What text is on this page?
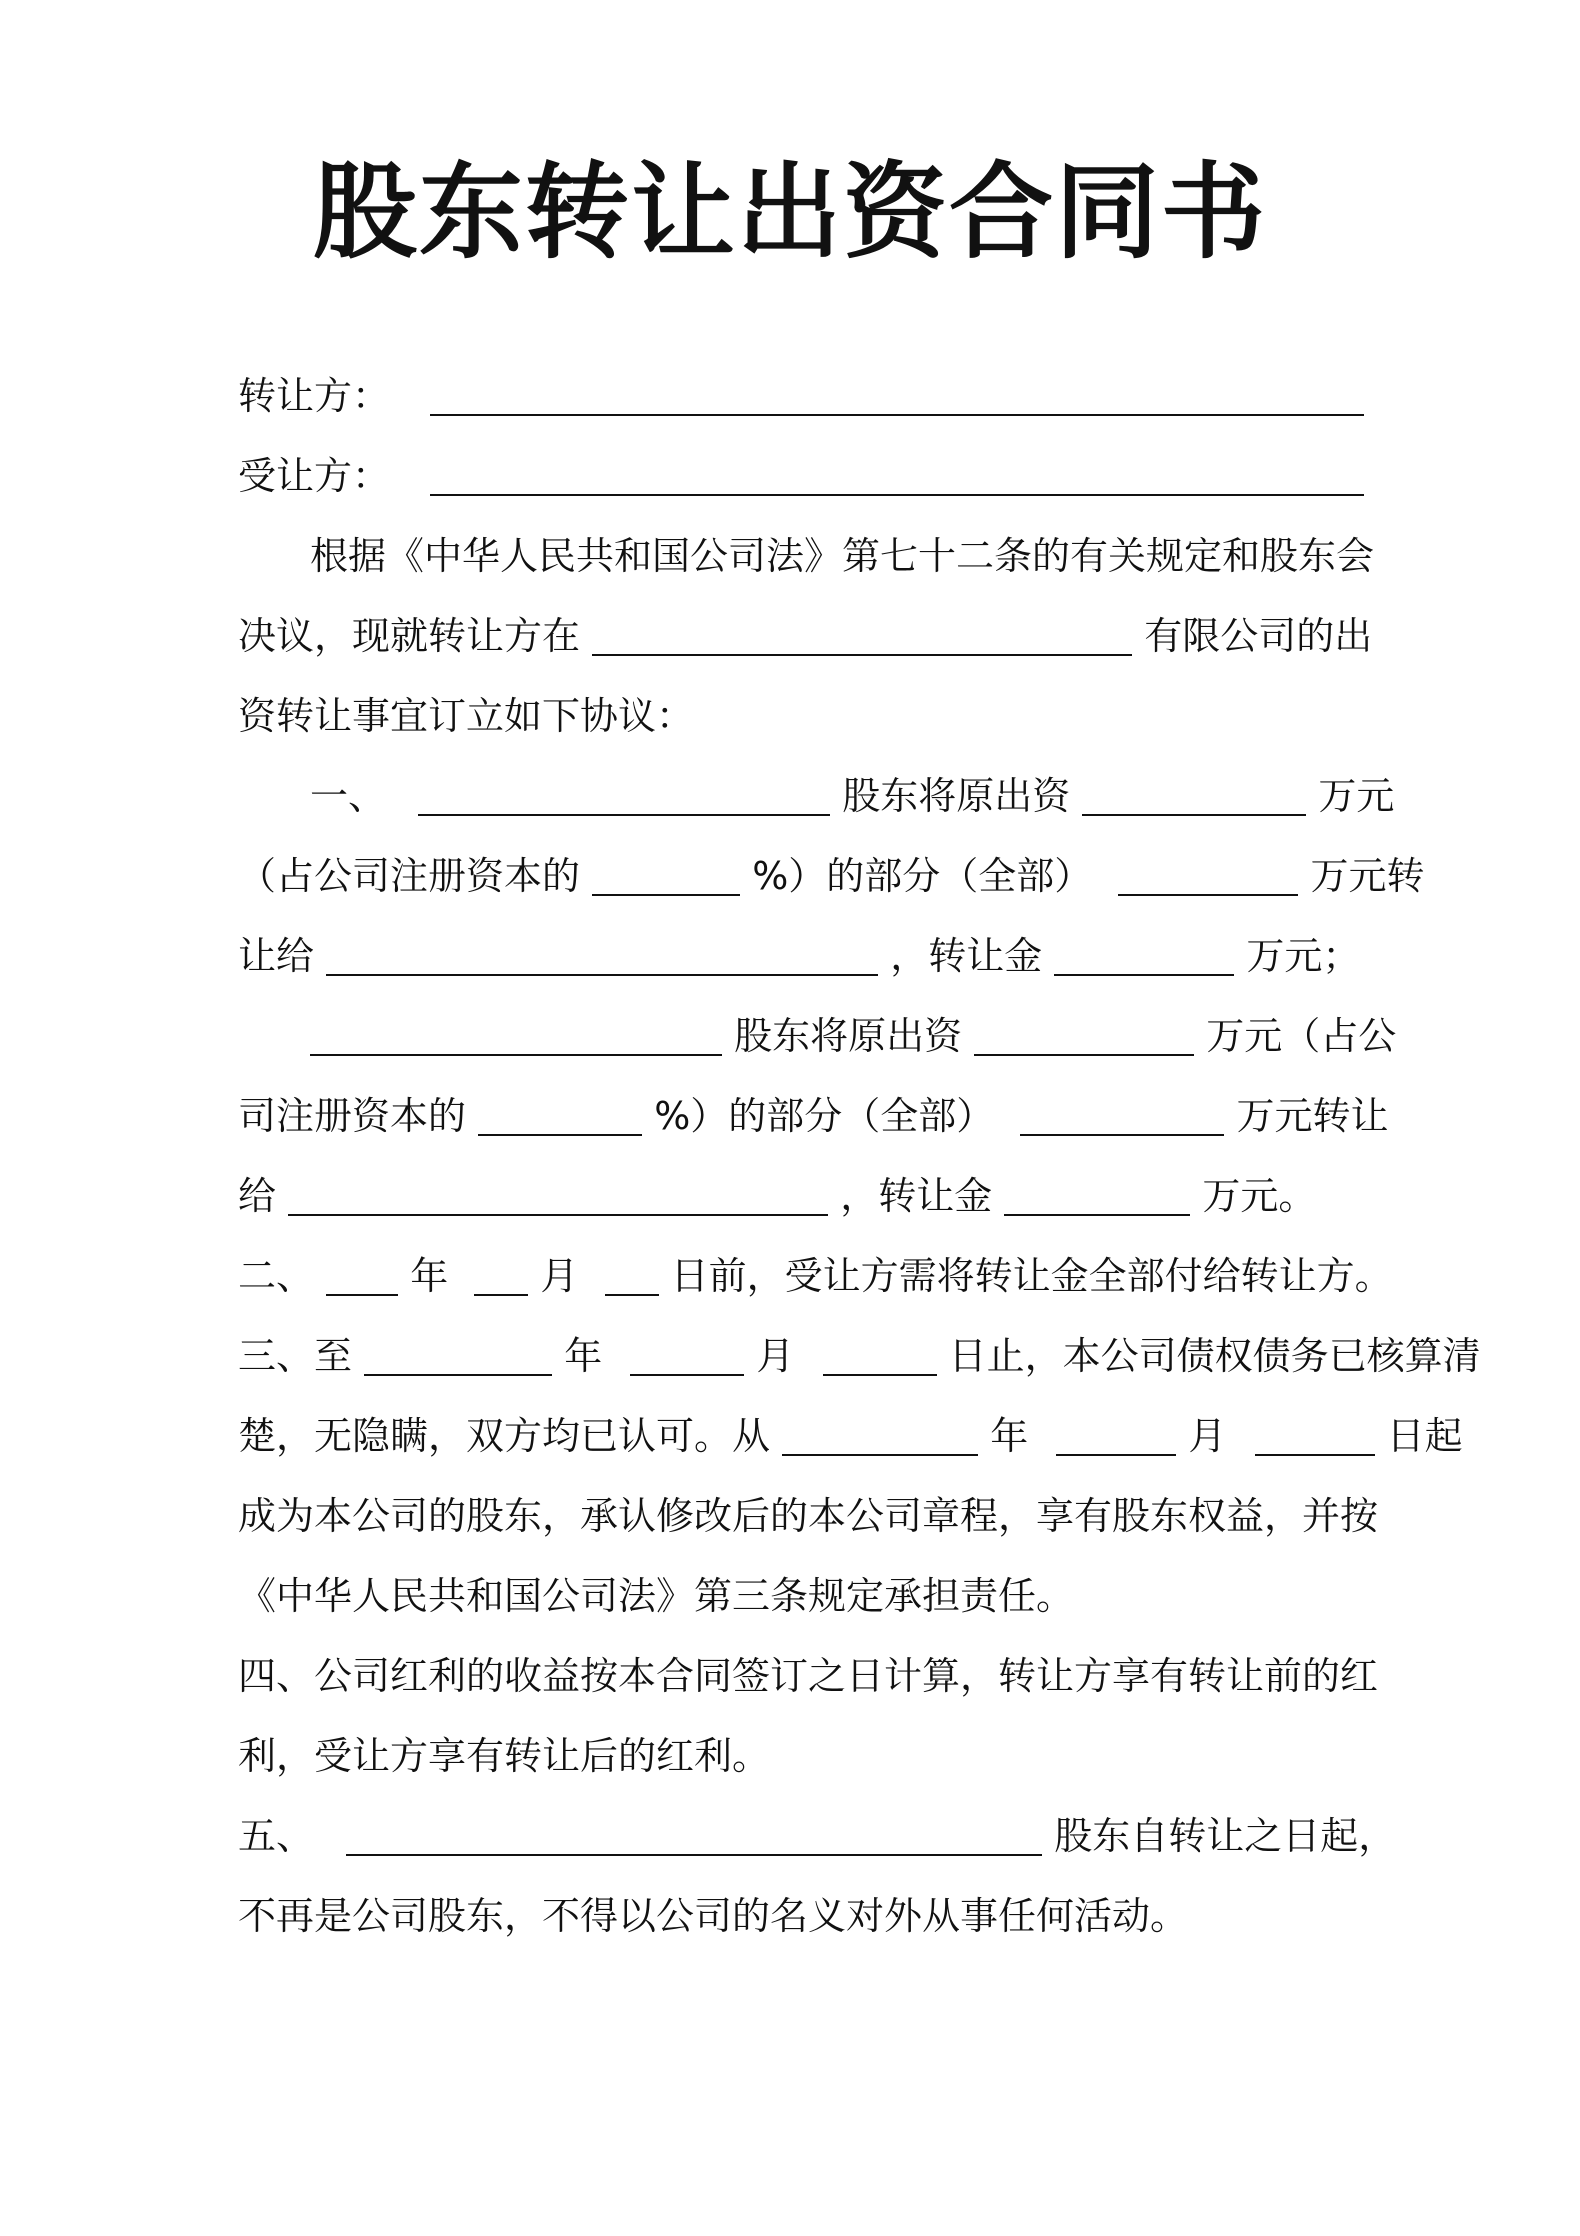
股东转让出资合同书
转让方：
受让方：
根据《中华人民共和国公司法》第七十二条的有关规定和股东会
决议，现就转让方在	有限公司的出
资转让事宜订立如下协议：
一、	股东将原出资	万元
（占公司注册资本的	%）的部分（全部）	万元转
让给	，转让金	万元；
股东将原出资	万元（占公
司注册资本的	%）的部分（全部）	万元转让
给	，转让金	万元。
二、	年 月 日前，受让方需将转让金全部付给转让方。
三、至	年	月	日止，本公司债权债务已核算清
楚，无隐瞒，双方均已认可。从	年	月	日起
成为本公司的股东，承认修改后的本公司章程，享有股东权益，并按
《中华人民共和国公司法》第三条规定承担责任。
四、公司红利的收益按本合同签订之日计算，转让方享有转让前的红
利，受让方享有转让后的红利。
五、	股东自转让之日起，
不再是公司股东，不得以公司的名义对外从事任何活动。
